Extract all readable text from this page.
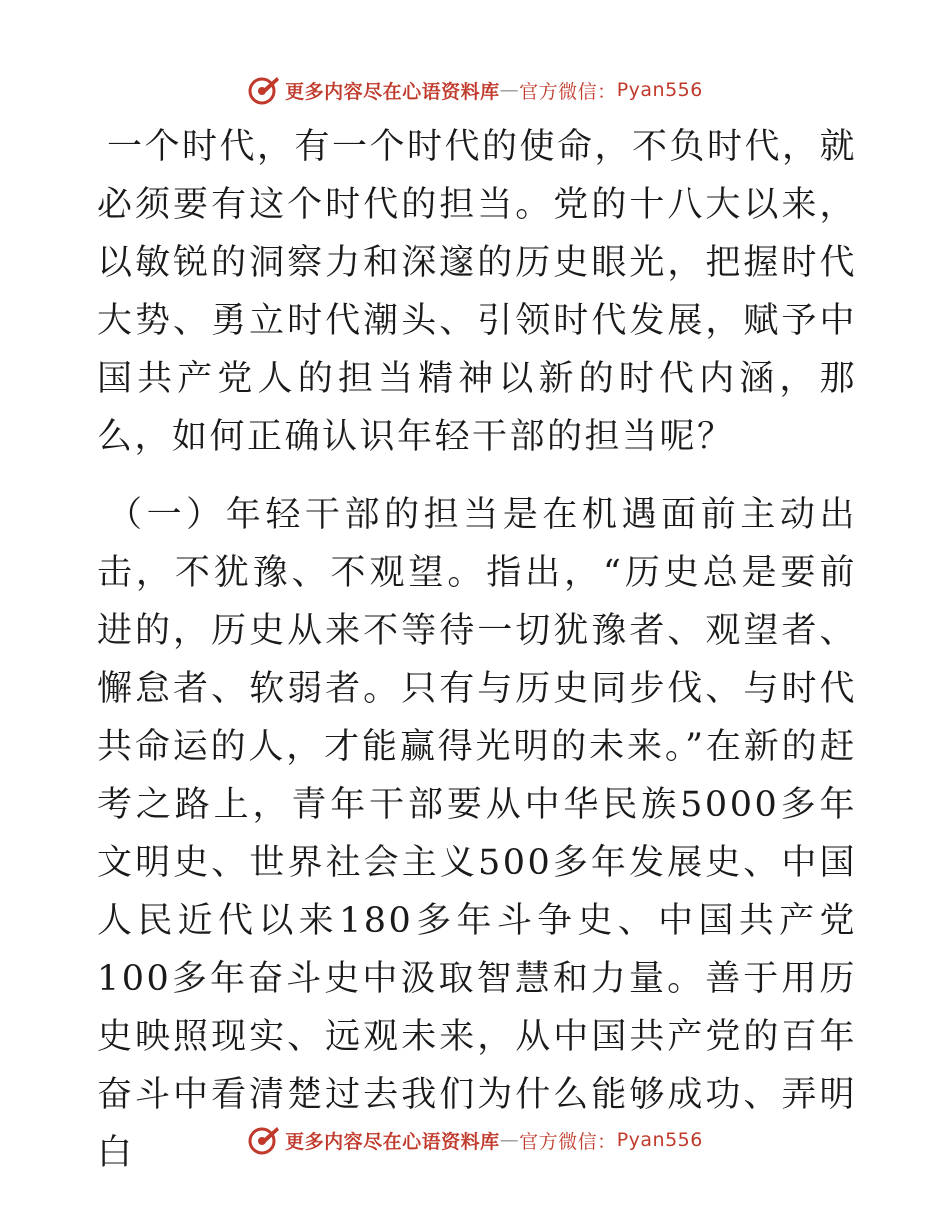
更多内容尽在心语资料库 — 官方微信： Pyan556

一个时代，有一个时代的使命，不负时代，就必须要有这个时代的担当。党的十八大以来，以敏锐的洞察力和深邃的历史眼光，把握时代大势、勇立时代潮头、引领时代发展，赋予中国共产党人的担当精神以新的时代内涵，那么，如何正确认识年轻干部的担当呢？

（一）年轻干部的担当是在机遇面前主动出击，不犹豫、不观望。指出，“历史总是要前进的，历史从来不等待一切犹豫者、观望者、懈怠者、软弱者。只有与历史同步伐、与时代共命运的人，才能赢得光明的未来。”在新的赶考之路上，青年干部要从中华民族5000多年文明史、世界社会主义500多年发展史、中国人民近代以来180多年斗争史、中国共产党100多年奋斗史中汲取智慧和力量。善于用历史映照现实、远观未来，从中国共产党的百年奋斗中看清楚过去我们为什么能够成功、弄明白	更多内容尽在心语资料库 — 官方微信： Pyan556
